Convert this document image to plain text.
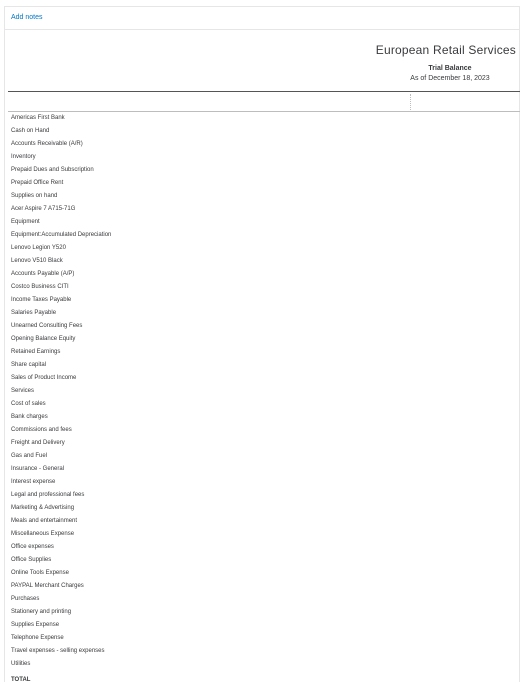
Add notes
European Retail Services
Trial Balance
As of December 18, 2023
Americas First Bank
Cash on Hand
Accounts Receivable (A/R)
Inventory
Prepaid Dues and Subscription
Prepaid Office Rent
Supplies on hand
Acer Aspire 7 A715-71G
Equipment
Equipment:Accumulated Depreciation
Lenovo Legion Y520
Lenovo V510 Black
Accounts Payable (A/P)
Costco Business CITI
Income Taxes Payable
Salaries Payable
Unearned Consulting Fees
Opening Balance Equity
Retained Earnings
Share capital
Sales of Product Income
Services
Cost of sales
Bank charges
Commissions and fees
Freight and Delivery
Gas and Fuel
Insurance - General
Interest expense
Legal and professional fees
Marketing & Advertising
Meals and entertainment
Miscellaneous Expense
Office expenses
Office Supplies
Online Tools Expense
PAYPAL Merchant Charges
Purchases
Stationery and printing
Supplies Expense
Telephone Expense
Travel expenses - selling expenses
Utilities
TOTAL
